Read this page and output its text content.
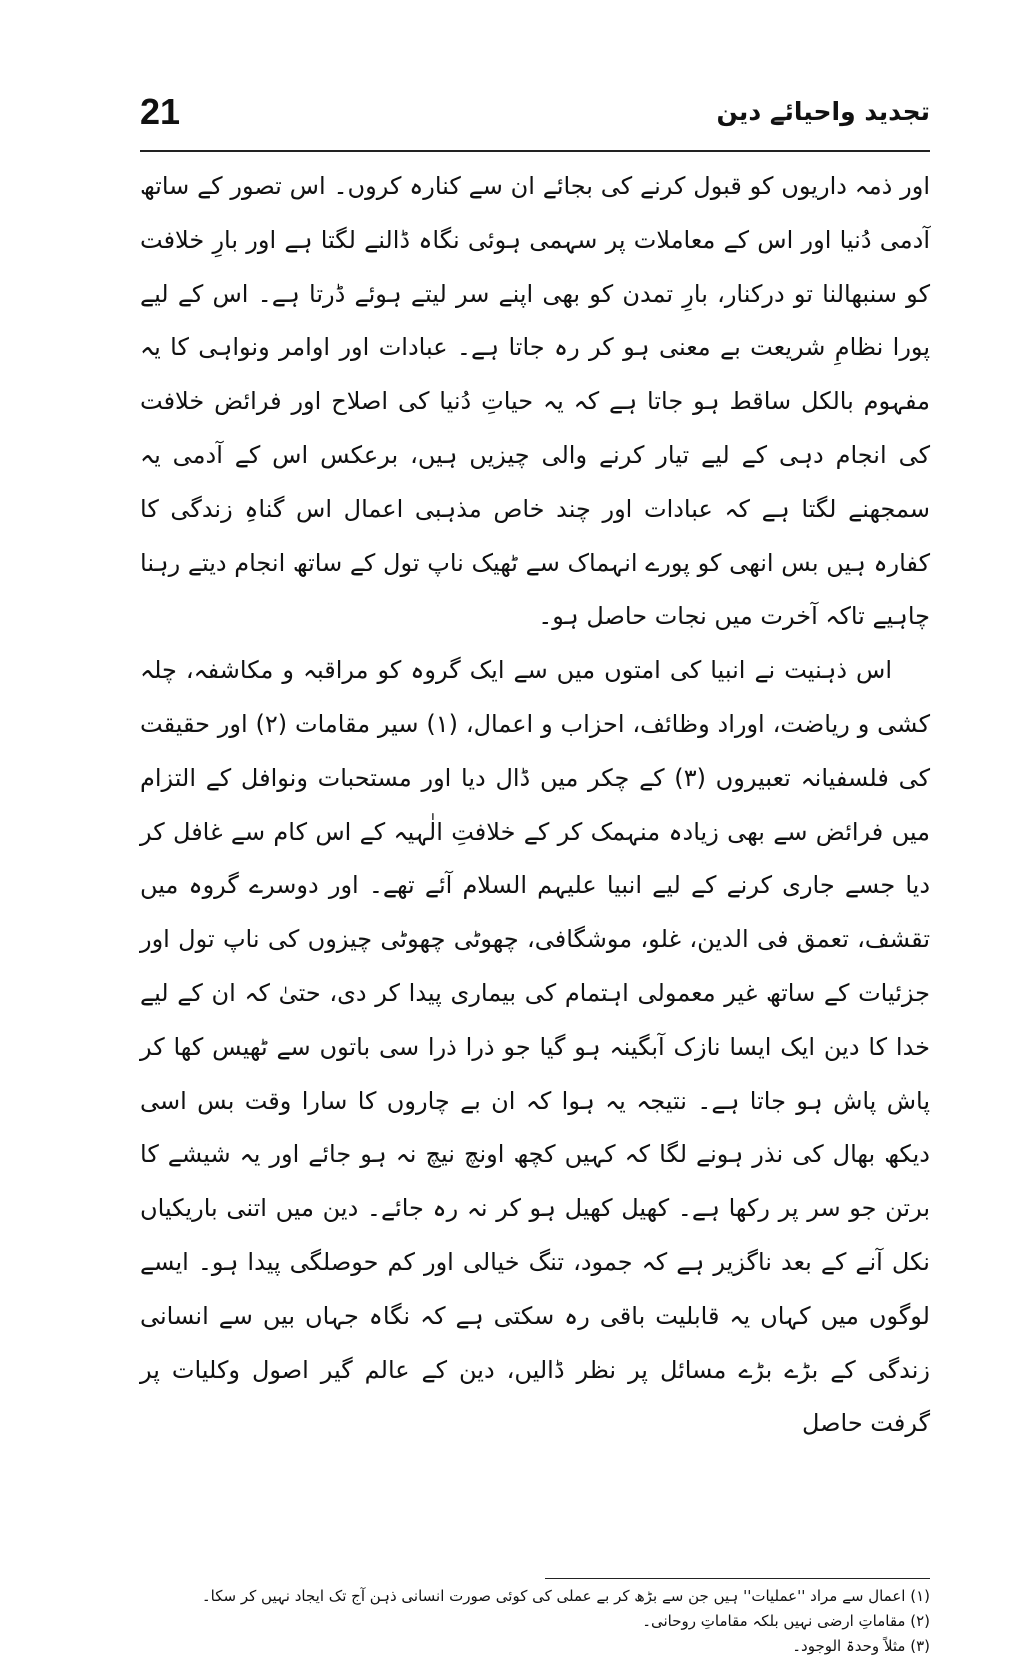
21	تجدید واحیائے دین

اور ذمہ داریوں کو قبول کرنے کی بجائے ان سے کنارہ کروں۔ اس تصور کے ساتھ آدمی دُنیا اور اس کے معاملات پر سہمی ہوئی نگاہ ڈالنے لگتا ہے اور بارِ خلافت کو سنبھالنا تو درکنار، بارِ تمدن کو بھی اپنے سر لیتے ہوئے ڈرتا ہے۔ اس کے لیے پورا نظامِ شریعت بے معنی ہو کر رہ جاتا ہے۔ عبادات اور اوامر ونواہی کا یہ مفہوم بالکل ساقط ہو جاتا ہے کہ یہ حیاتِ دُنیا کی اصلاح اور فرائض خلافت کی انجام دہی کے لیے تیار کرنے والی چیزیں ہیں، برعکس اس کے آدمی یہ سمجھنے لگتا ہے کہ عبادات اور چند خاص مذہبی اعمال اس گناہِ زندگی کا کفارہ ہیں بس انھی کو پورے انہماک سے ٹھیک ناپ تول کے ساتھ انجام دیتے رہنا چاہیے تاکہ آخرت میں نجات حاصل ہو۔

اس ذہنیت نے انبیا کی امتوں میں سے ایک گروہ کو مراقبہ و مکاشفہ، چلہ کشی و ریاضت، اوراد وظائف، احزاب و اعمال، (۱) سیر مقامات (۲) اور حقیقت کی فلسفیانہ تعبیروں (۳) کے چکر میں ڈال دیا اور مستحبات ونوافل کے التزام میں فرائض سے بھی زیادہ منہمک کر کے خلافتِ الٰہیہ کے اس کام سے غافل کر دیا جسے جاری کرنے کے لیے انبیا علیہم السلام آئے تھے۔ اور دوسرے گروہ میں تقشف، تعمق فی الدین، غلو، موشگافی، چھوٹی چھوٹی چیزوں کی ناپ تول اور جزئیات کے ساتھ غیر معمولی اہتمام کی بیماری پیدا کر دی، حتیٰ کہ ان کے لیے خدا کا دین ایک ایسا نازک آبگینہ ہو گیا جو ذرا ذرا سی باتوں سے ٹھیس کھا کر پاش پاش ہو جاتا ہے۔ نتیجہ یہ ہوا کہ ان بے چاروں کا سارا وقت بس اسی دیکھ بھال کی نذر ہونے لگا کہ کہیں کچھ اونچ نیچ نہ ہو جائے اور یہ شیشے کا برتن جو سر پر رکھا ہے۔ کھیل کھیل ہو کر نہ رہ جائے۔ دین میں اتنی باریکیاں نکل آنے کے بعد ناگزیر ہے کہ جمود، تنگ خیالی اور کم حوصلگی پیدا ہو۔ ایسے لوگوں میں کہاں یہ قابلیت باقی رہ سکتی ہے کہ نگاہ جہاں بیں سے انسانی زندگی کے بڑے بڑے مسائل پر نظر ڈالیں، دین کے عالم گیر اصول وکلیات پر گرفت حاصل

(۱) اعمال سے مراد ''عملیات'' ہیں جن سے بڑھ کر بے عملی کی کوئی صورت انسانی ذہن آج تک ایجاد نہیں کر سکا۔
(۲) مقاماتِ ارضی نہیں بلکہ مقاماتِ روحانی۔
(۳) مثلاً وحدۃ الوجود۔
